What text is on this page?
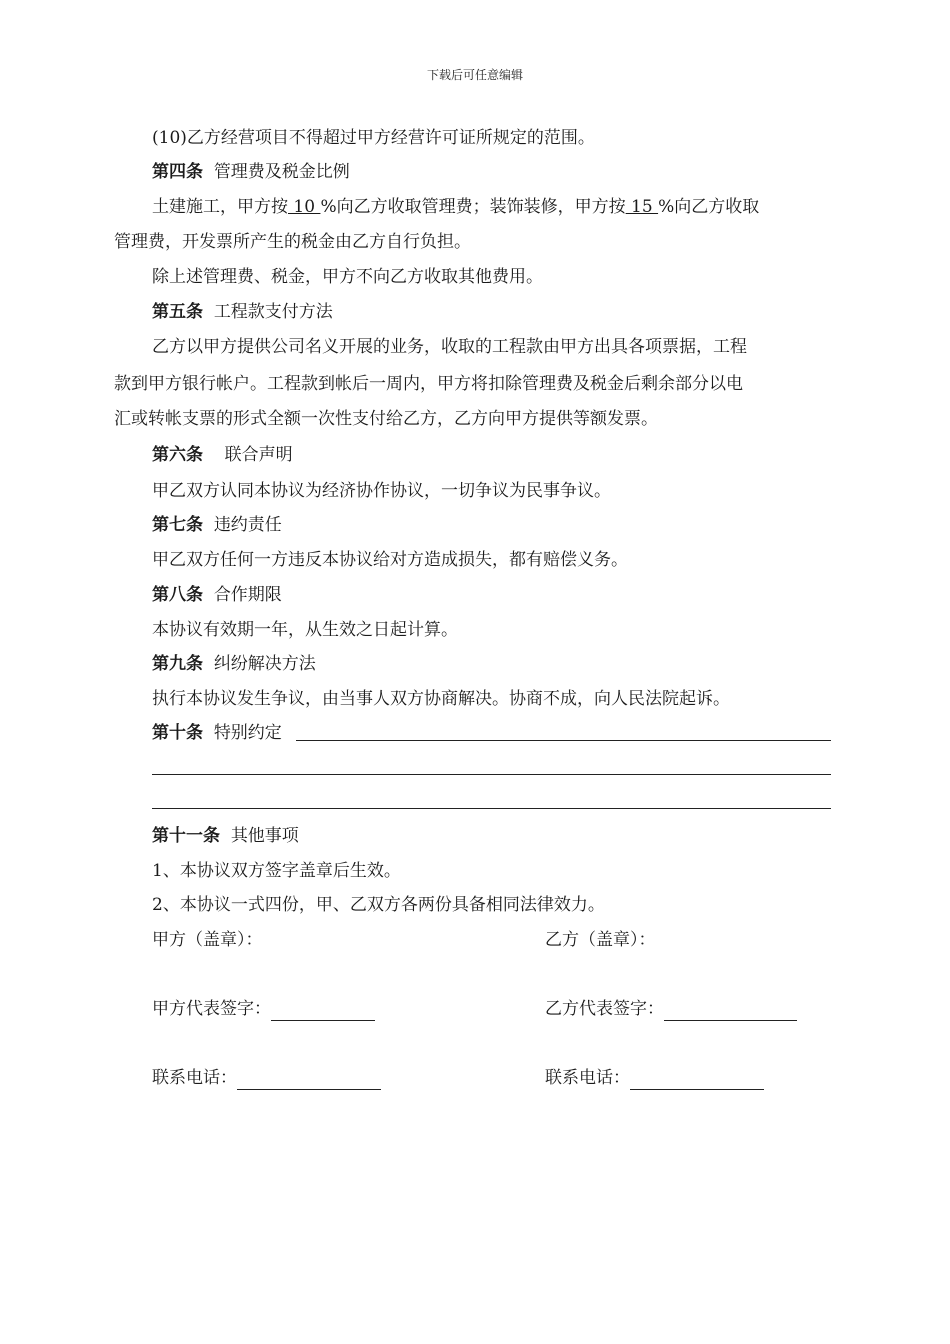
下载后可任意编辑
(10)乙方经营项目不得超过甲方经营许可证所规定的范围。
第四条 管理费及税金比例
土建施工，甲方按 10 %向乙方收取管理费；装饰装修，甲方按 15 %向乙方收取
管理费，开发票所产生的税金由乙方自行负担。
除上述管理费、税金，甲方不向乙方收取其他费用。
第五条 工程款支付方法
乙方以甲方提供公司名义开展的业务，收取的工程款由甲方出具各项票据，工程
款到甲方银行帐户。工程款到帐后一周内，甲方将扣除管理费及税金后剩余部分以电
汇或转帐支票的形式全额一次性支付给乙方，乙方向甲方提供等额发票。
第六条 联合声明
甲乙双方认同本协议为经济协作协议，一切争议为民事争议。
第七条 违约责任
甲乙双方任何一方违反本协议给对方造成损失，都有赔偿义务。
第八条 合作期限
本协议有效期一年，从生效之日起计算。
第九条 纠纷解决方法
执行本协议发生争议，由当事人双方协商解决。协商不成，向人民法院起诉。
第十条 特别约定
第十一条 其他事项
1、本协议双方签字盖章后生效。
2、本协议一式四份，甲、乙双方各两份具备相同法律效力。
甲方（盖章）：	乙方（盖章）：
甲方代表签字：	乙方代表签字：
联系电话：	联系电话：
